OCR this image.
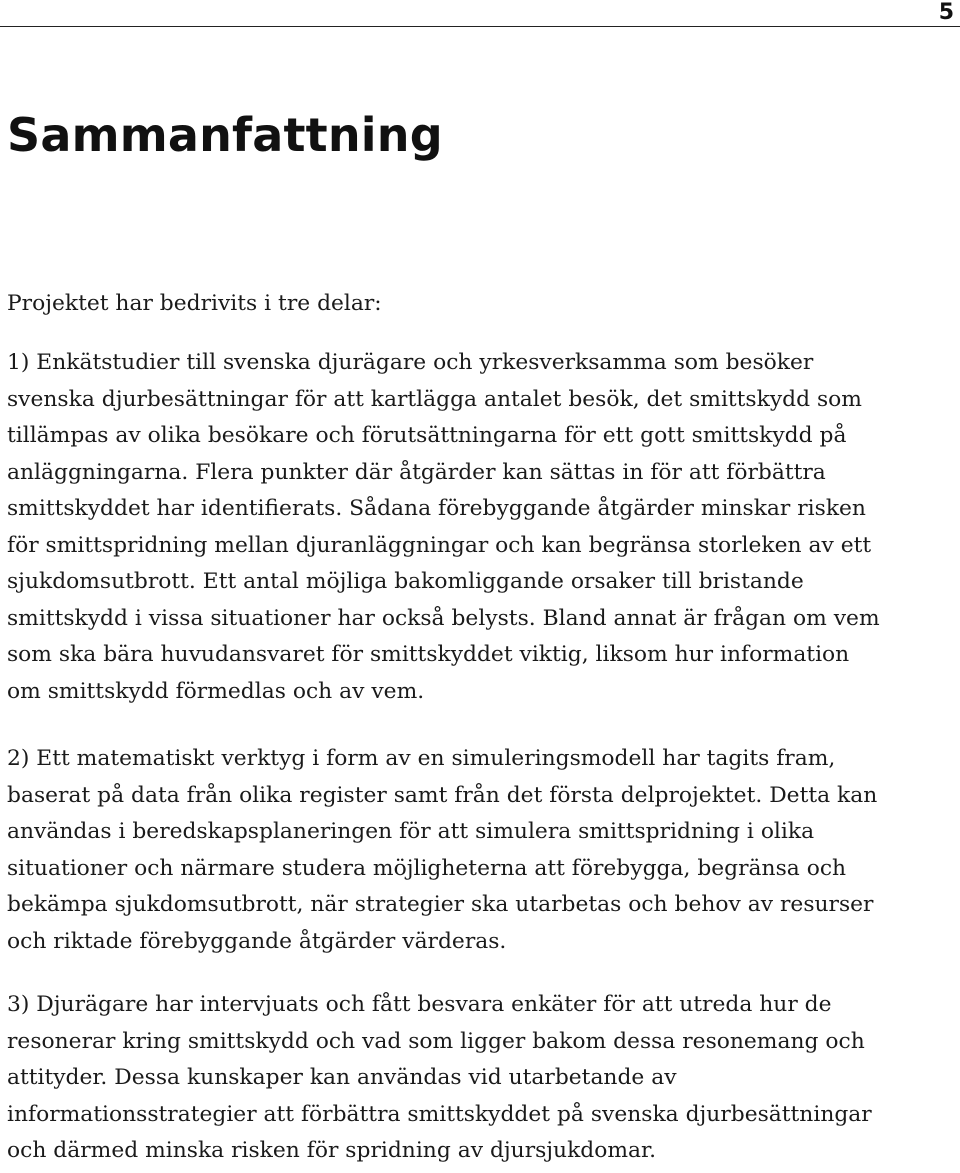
5
Sammanfattning

Projektet har bedrivits i tre delar:

1) Enkätstudier till svenska djurägare och yrkesverksamma som besöker
svenska djurbesättningar för att kartlägga antalet besök, det smittskydd som
tillämpas av olika besökare och förutsättningarna för ett gott smittskydd på
anläggningarna. Flera punkter där åtgärder kan sättas in för att förbättra
smittskyddet har identifierats. Sådana förebyggande åtgärder minskar risken
för smittspridning mellan djuranläggningar och kan begränsa storleken av ett
sjukdomsutbrott. Ett antal möjliga bakomliggande orsaker till bristande
smittskydd i vissa situationer har också belysts. Bland annat är frågan om vem
som ska bära huvudansvaret för smittskyddet viktig, liksom hur information
om smittskydd förmedlas och av vem.

2) Ett matematiskt verktyg i form av en simuleringsmodell har tagits fram,
baserat på data från olika register samt från det första delprojektet. Detta kan
användas i beredskapsplaneringen för att simulera smittspridning i olika
situationer och närmare studera möjligheterna att förebygga, begränsa och
bekämpa sjukdomsutbrott, när strategier ska utarbetas och behov av resurser
och riktade förebyggande åtgärder värderas.

3) Djurägare har intervjuats och fått besvara enkäter för att utreda hur de
resonerar kring smittskydd och vad som ligger bakom dessa resonemang och
attityder. Dessa kunskaper kan användas vid utarbetande av
informationsstrategier att förbättra smittskyddet på svenska djurbesättningar
och därmed minska risken för spridning av djursjukdomar.
